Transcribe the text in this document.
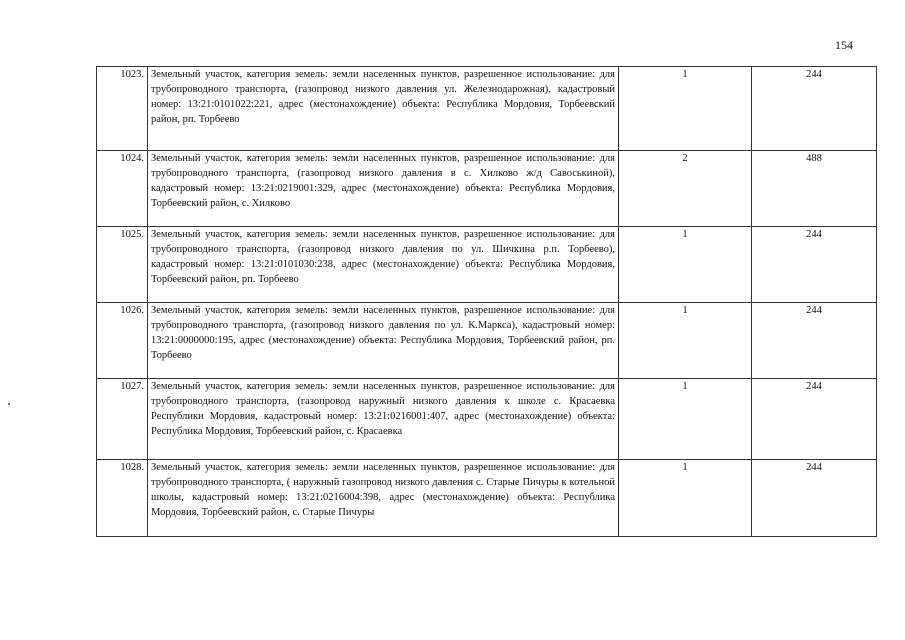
154
1023.	Земельный участок, категория земель: земли населенных пунктов, разрешенное использование: для трубопроводного транспорта, (газопровод низкого давления ул. Железнодарожная), кадастровый номер: 13:21:0101022:221, адрес (местонахождение) объекта: Республика Мордовия, Торбеевский район, рп. Торбеево	1	244
1024.	Земельный участок, категория земель: земли населенных пунктов, разрешенное использование: для трубопроводного транспорта, (газопровод низкого давления в с. Хилково ж/д Савоськиной), кадастровый номер: 13:21:0219001:329, адрес (местонахождение) объекта: Республика Мордовия, Торбеевский район, с. Хилково	2	488
1025.	Земельный участок, категория земель: земли населенных пунктов, разрешенное использование: для трубопроводного транспорта, (газопровод низкого давления по ул. Шичкина р.п. Торбеево), кадастровый номер: 13:21:0101030:238, адрес (местонахождение) объекта: Республика Мордовия, Торбеевский район, рп. Торбеево	1	244
1026.	Земельный участок, категория земель: земли населенных пунктов, разрешенное использование: для трубопроводного транспорта, (газопровод низкого давления по ул. К.Маркса), кадастровый номер: 13:21:0000000:195, адрес (местонахождение) объекта: Республика Мордовия, Торбеевский район, рп. Торбеево	1	244
1027.	Земельный участок, категория земель: земли населенных пунктов, разрешенное использование: для трубопроводного транспорта, (газопровод наружный низкого давления к школе с. Красаевка Республики Мордовия, кадастровый номер: 13:21:0216001:407, адрес (местонахождение) объекта: Республика Мордовия, Торбеевский район, с. Красаевка	1	244
1028.	Земельный участок, категория земель: земли населенных пунктов, разрешенное использование: для трубопроводного транспорта, ( наружный газопровод низкого давления с. Старые Пичуры к котельной школы, кадастровый номер: 13:21:0216004:398, адрес (местонахождение) объекта: Республика Мордовия, Торбеевский район, с. Старые Пичуры	1	244
